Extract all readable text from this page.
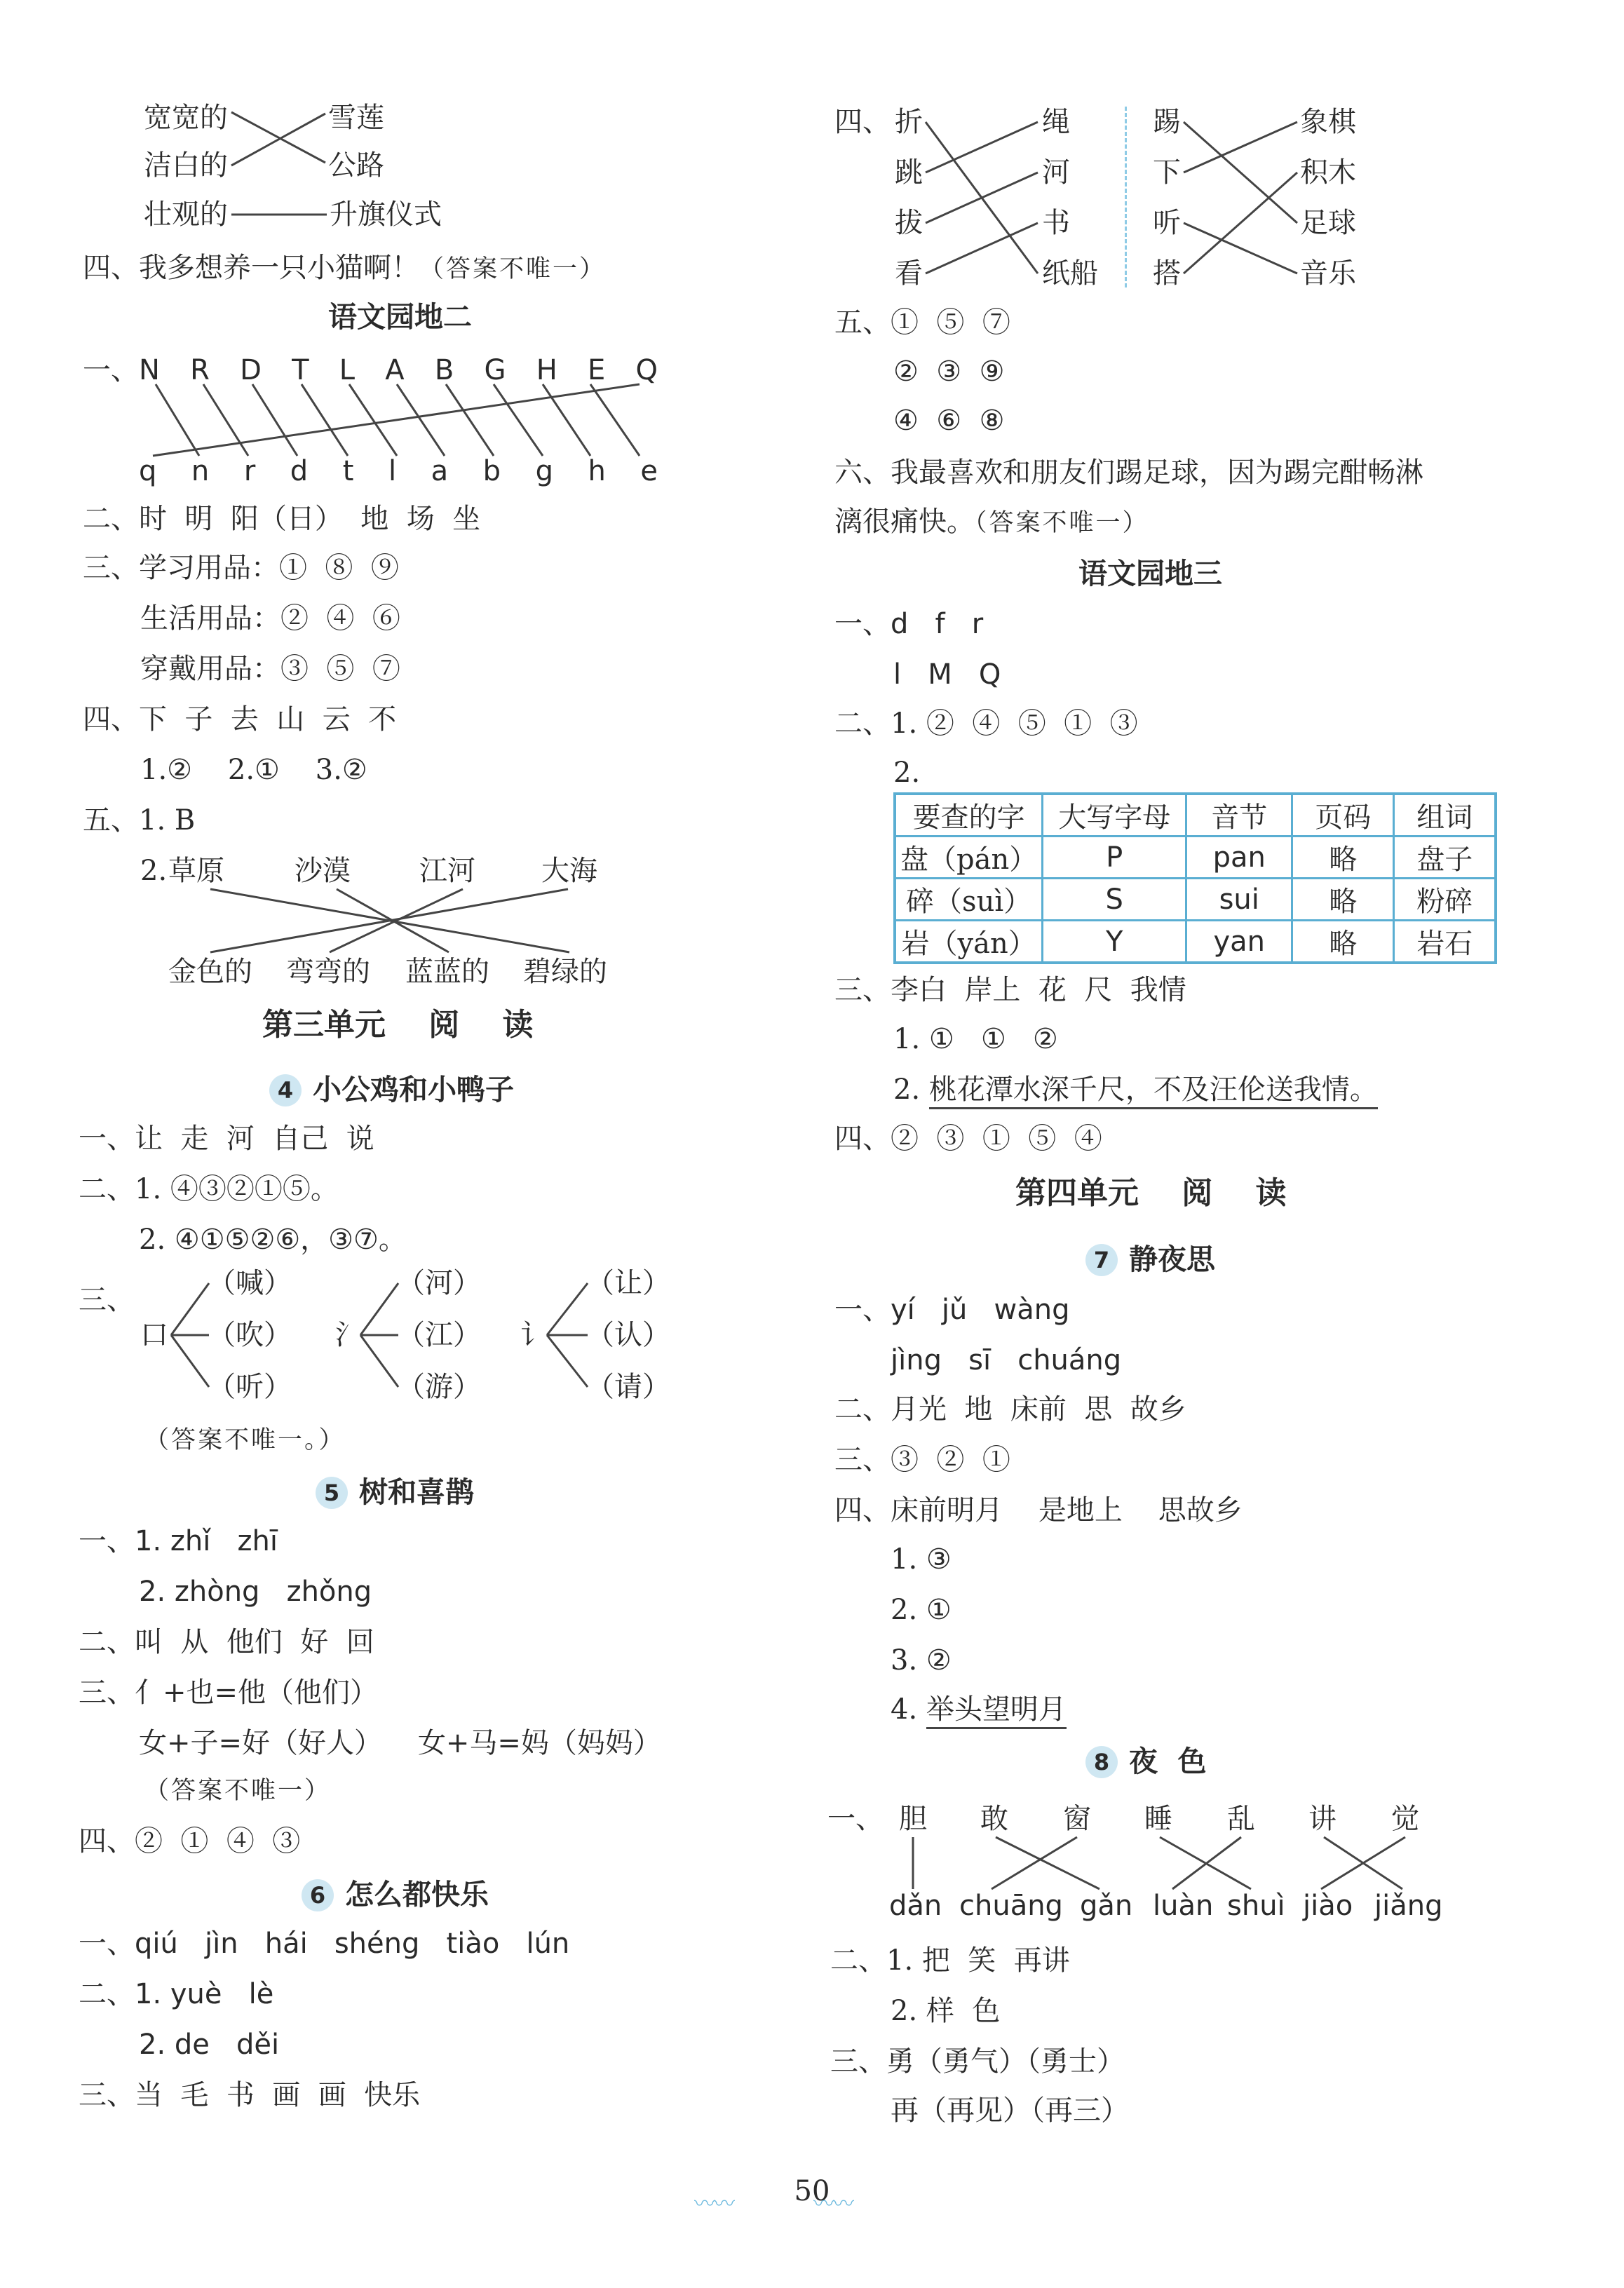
宽宽的	雪莲
洁白的	公路
壮观的	升旗仪式
四、我多想养一只小猫啊！（答案不唯一）
语文园地二
一、 N R D T L A B G H E Q
q n r d t l a b g h e
二、时  明  阳（日）  地  场  坐
三、学习用品：①  ⑧  ⑨
生活用品：②  ④  ⑥
穿戴用品：③  ⑤  ⑦
四、下  子  去  山  云  不
1.②    2.①    3.②
五、1. B
2. 草原	沙漠 江河 大海
金色的 弯弯的 蓝蓝的 碧绿的
第三单元    阅    读
4 小公鸡和小鸭子
一、让  走  河  自己  说
二、1. ④③②①⑤。
2. ④①⑤②⑥，③⑦。
三、
口
（喊）
（吹）
（听）
氵
（河）
（江）
（游）
讠
（让）
（认）
（请）
（答案不唯一。）
5 树和喜鹊
一、1. zhǐ   zhī
2. zhòng   zhǒng
二、叫  从  他们  好  回
三、亻+也=他（他们）
女+子=好（好人）    女+马=妈（妈妈）
（答案不唯一）
四、②  ①  ④  ③
6 怎么都快乐
一、qiú   jìn   hái   shéng   tiào   lún
二、1. yuè   lè
2. de   děi
三、当  毛  书  画  画  快乐
四、 折
跳
拔
看
绳
河
书
纸船
踢
下
听
搭
象棋
积木
足球
音乐
五、①  ⑤  ⑦
②  ③  ⑨
④  ⑥  ⑧
六、我最喜欢和朋友们踢足球，因为踢完酣畅淋
漓很痛快。（答案不唯一）
语文园地三
一、d   f   r
l   M   Q
二、1. ②  ④  ⑤  ①  ③
2.
要查的字	大写字母	音节	页码	组词
盘（pán）	P	pan	略	盘子
碎（suì）	S	sui	略	粉碎
岩（yán）	Y	yan	略	岩石
三、李白  岸上  花  尺  我情
1. ①   ①   ②
2. 桃花潭水深千尺，不及汪伦送我情。
四、②  ③  ①  ⑤  ④
第四单元    阅    读
7 静夜思
一、yí   jǔ   wàng
jìng   sī   chuáng
二、月光  地  床前  思  故乡
三、③  ②  ①
四、床前明月    是地上    思故乡
1. ③
2. ①
3. ②
4. 举头望明月
8 夜  色
一、 胆 敢 窗 睡 乱 讲 觉
dǎn chuāng gǎn luàn shuì jiào jiǎng
二、1. 把  笑  再讲
2. 样  色
三、勇（勇气）（勇士）
再（再见）（再三）
〰〰	50
〰〰
